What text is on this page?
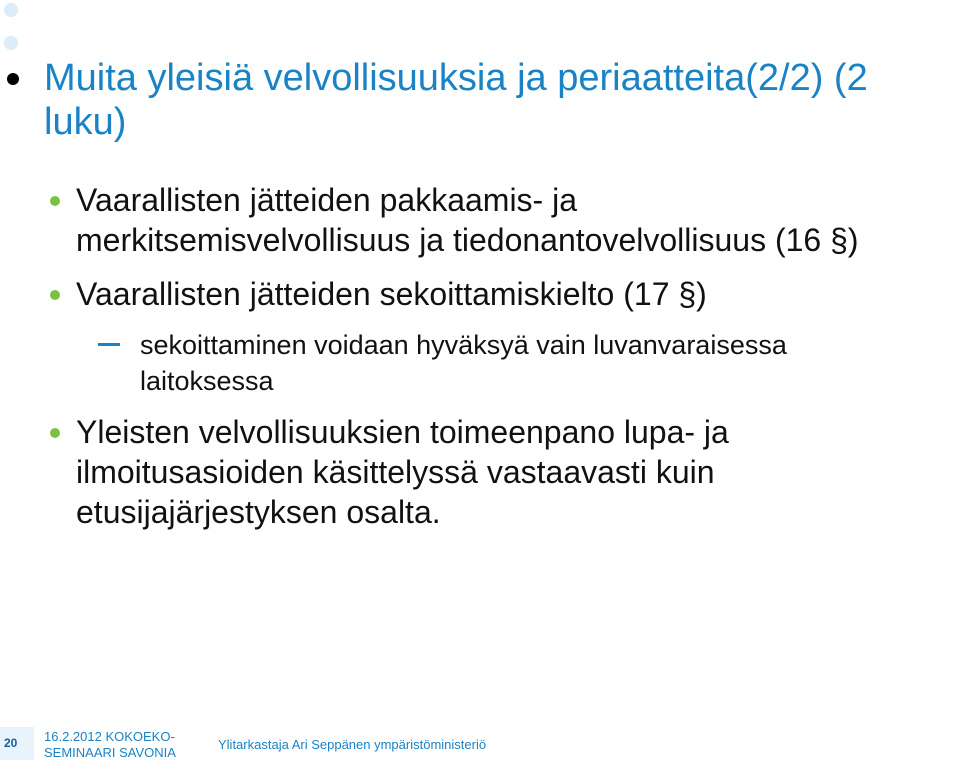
Muita yleisiä velvollisuuksia ja periaatteita(2/2) (2 luku)
Vaarallisten jätteiden pakkaamis- ja
merkitsemisvelvollisuus ja tiedonantovelvollisuus (16 §)
Vaarallisten jätteiden sekoittamiskielto (17 §)
sekoittaminen voidaan hyväksyä vain luvanvaraisessa
laitoksessa
Yleisten velvollisuuksien toimeenpano lupa- ja
ilmoitusasioiden käsittelyssä vastaavasti kuin
etusijajärjestyksen osalta.
20 16.2.2012 KOKOEKO-
SEMINAARI SAVONIA
Ylitarkastaja Ari Seppänen ympäristöministeriö
